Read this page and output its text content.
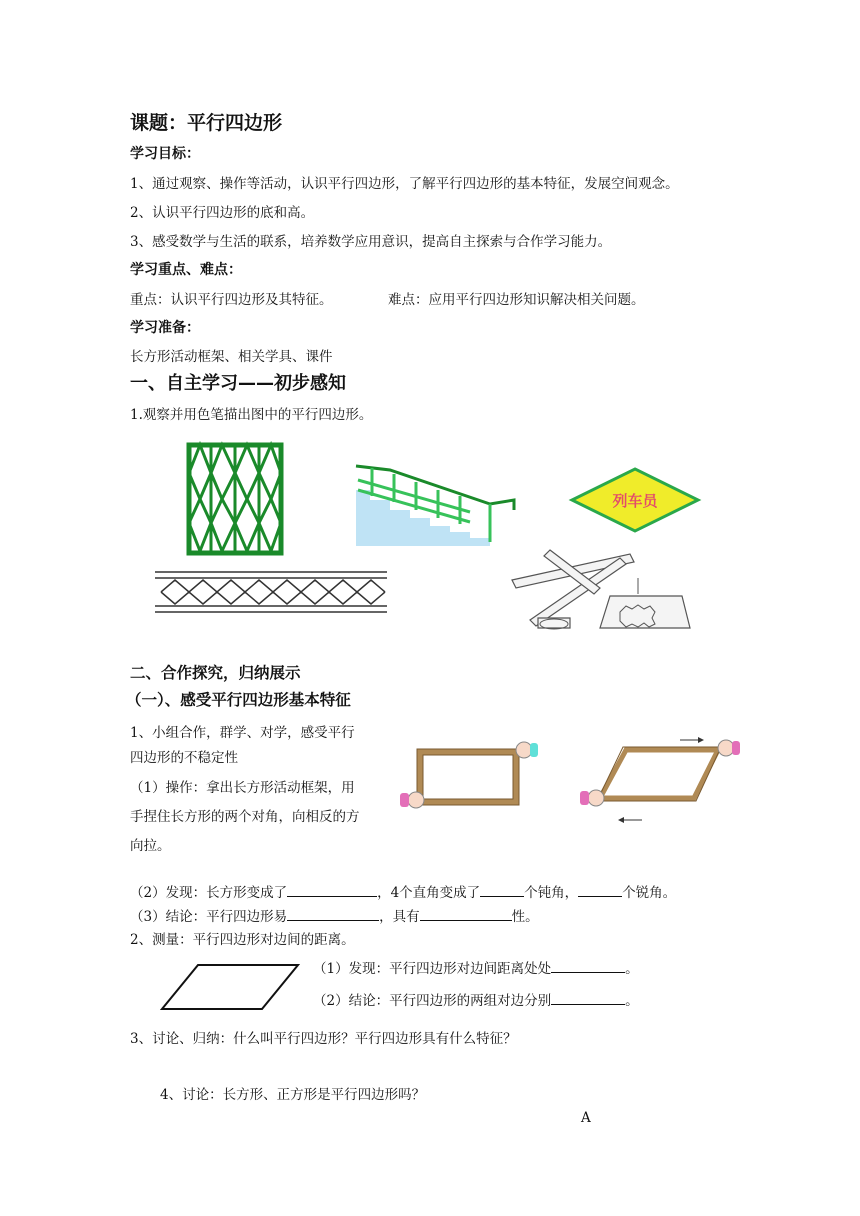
课题：平行四边形
学习目标：
1、通过观察、操作等活动，认识平行四边形，了解平行四边形的基本特征，发展空间观念。
2、认识平行四边形的底和高。
3、感受数学与生活的联系，培养数学应用意识，提高自主探索与合作学习能力。
学习重点、难点：
重点：认识平行四边形及其特征。	难点：应用平行四边形知识解决相关问题。
学习准备：
长方形活动框架、相关学具、课件
一、自主学习——初步感知
1.观察并用色笔描出图中的平行四边形。
列车员
二、合作探究，归纳展示
（一）、感受平行四边形基本特征
1、小组合作，群学、对学，感受平行
四边形的不稳定性
（1）操作：拿出长方形活动框架，用
手捏住长方形的两个对角，向相反的方
向拉。
（2）发现：长方形变成了	，4个直角变成了	个钝角，	个锐角。
（3）结论：平行四边形易	，具有	性。
2、测量：平行四边形对边间的距离。
（1）发现：平行四边形对边间距离处处	。
（2）结论：平行四边形的两组对边分别	。
3、讨论、归纳：什么叫平行四边形？平行四边形具有什么特征？
4、讨论：长方形、正方形是平行四边形吗？
A
